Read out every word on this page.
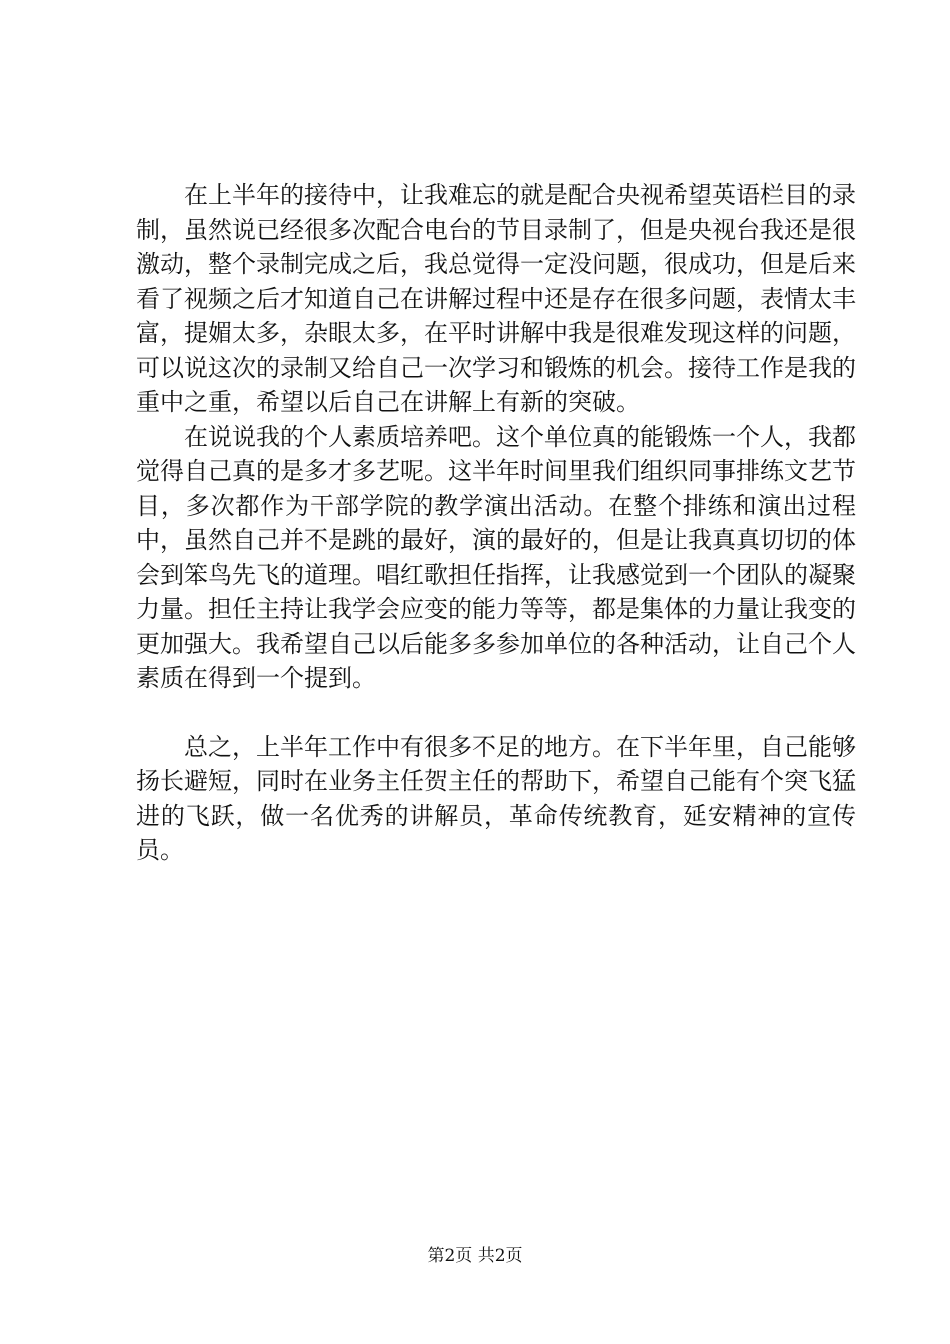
在上半年的接待中，让我难忘的就是配合央视希望英语栏目的录制，虽然说已经很多次配合电台的节目录制了，但是央视台我还是很激动，整个录制完成之后，我总觉得一定没问题，很成功，但是后来看了视频之后才知道自己在讲解过程中还是存在很多问题，表情太丰富，提媚太多，杂眼太多，在平时讲解中我是很难发现这样的问题，可以说这次的录制又给自己一次学习和锻炼的机会。接待工作是我的重中之重，希望以后自己在讲解上有新的突破。

在说说我的个人素质培养吧。这个单位真的能锻炼一个人，我都觉得自己真的是多才多艺呢。这半年时间里我们组织同事排练文艺节目，多次都作为干部学院的教学演出活动。在整个排练和演出过程中，虽然自己并不是跳的最好，演的最好的，但是让我真真切切的体会到笨鸟先飞的道理。唱红歌担任指挥，让我感觉到一个团队的凝聚力量。担任主持让我学会应变的能力等等，都是集体的力量让我变的更加强大。我希望自己以后能多多参加单位的各种活动，让自己个人素质在得到一个提到。

总之，上半年工作中有很多不足的地方。在下半年里，自己能够扬长避短，同时在业务主任贺主任的帮助下，希望自己能有个突飞猛进的飞跃，做一名优秀的讲解员，革命传统教育，延安精神的宣传员。

第2页 共2页
